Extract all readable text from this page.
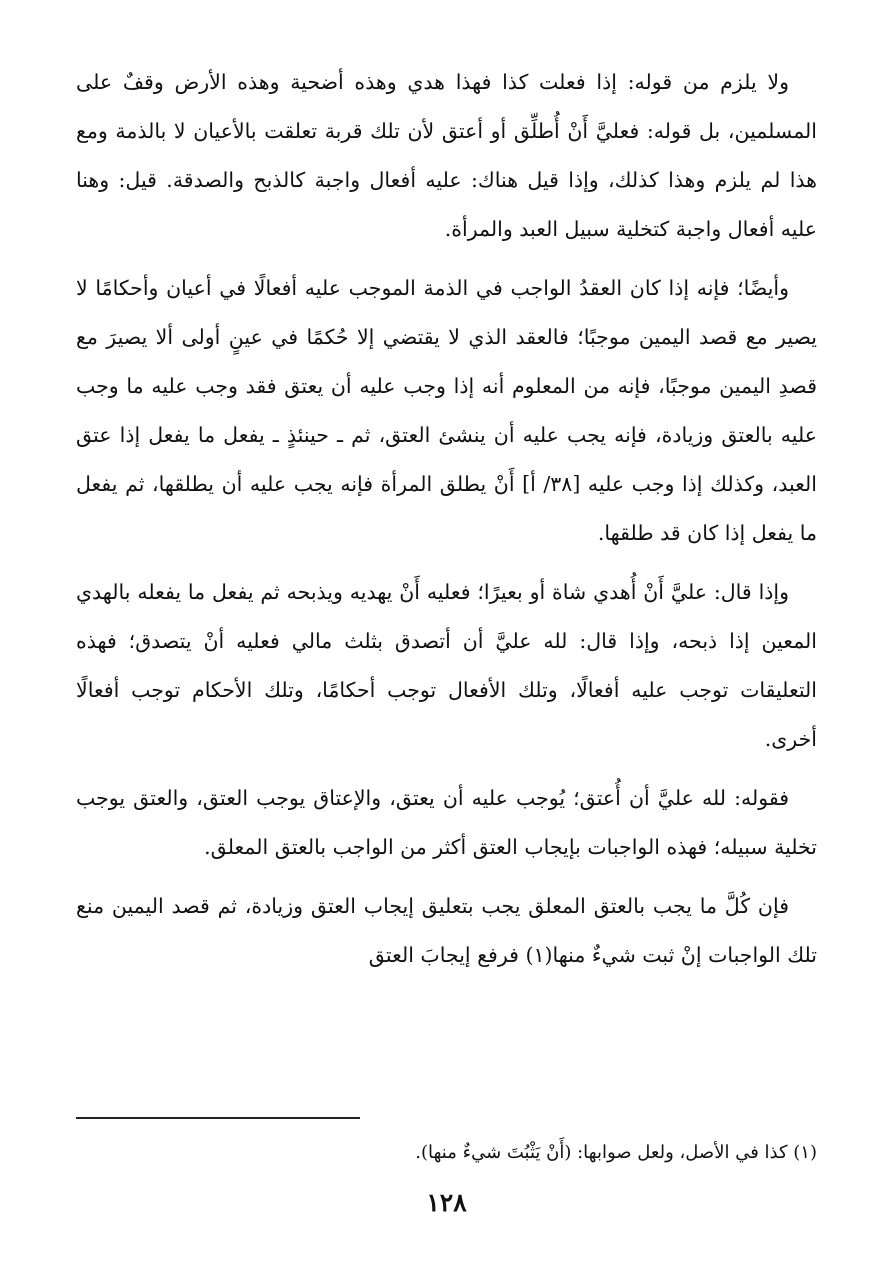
ولا يلزم من قوله: إذا فعلت كذا فهذا هدي وهذه أضحية وهذه الأرض وقفٌ على المسلمين، بل قوله: فعليَّ أَنْ أُطلِّق أو أعتق لأن تلك قربة تعلقت بالأعيان لا بالذمة ومع هذا لم يلزم وهذا كذلك، وإذا قيل هناك: عليه أفعال واجبة كالذبح والصدقة. قيل: وهنا عليه أفعال واجبة كتخلية سبيل العبد والمرأة.

وأيضًا؛ فإنه إذا كان العقدُ الواجب في الذمة الموجب عليه أفعالًا في أعيان وأحكامًا لا يصير مع قصد اليمين موجبًا؛ فالعقد الذي لا يقتضي إلا حُكمًا في عينٍ أولى ألا يصيرَ مع قصدِ اليمين موجبًا، فإنه من المعلوم أنه إذا وجب عليه أن يعتق فقد وجب عليه ما وجب عليه بالعتق وزيادة، فإنه يجب عليه أن ينشئ العتق، ثم ـ حينئذٍ ـ يفعل ما يفعل إذا عتق العبد، وكذلك إذا وجب عليه [٣٨/ أ] أَنْ يطلق المرأة فإنه يجب عليه أن يطلقها، ثم يفعل ما يفعل إذا كان قد طلقها.

وإذا قال: عليَّ أَنْ أُهدي شاة أو بعيرًا؛ فعليه أَنْ يهديه ويذبحه ثم يفعل ما يفعله بالهدي المعين إذا ذبحه، وإذا قال: لله عليَّ أن أتصدق بثلث مالي فعليه أنْ يتصدق؛ فهذه التعليقات توجب عليه أفعالًا، وتلك الأفعال توجب أحكامًا، وتلك الأحكام توجب أفعالًا أخرى.

فقوله: لله عليَّ أن أُعتق؛ يُوجب عليه أن يعتق، والإعتاق يوجب العتق، والعتق يوجب تخلية سبيله؛ فهذه الواجبات بإيجاب العتق أكثر من الواجب بالعتق المعلق.

فإن كُلَّ ما يجب بالعتق المعلق يجب بتعليق إيجاب العتق وزيادة، ثم قصد اليمين منع تلك الواجبات إنْ ثبت شيءٌ منها(١) فرفع إيجابَ العتق

(١) كذا في الأصل، ولعل صوابها: (أَنْ يَثْبُتَ شيءٌ منها).
١٢٨
